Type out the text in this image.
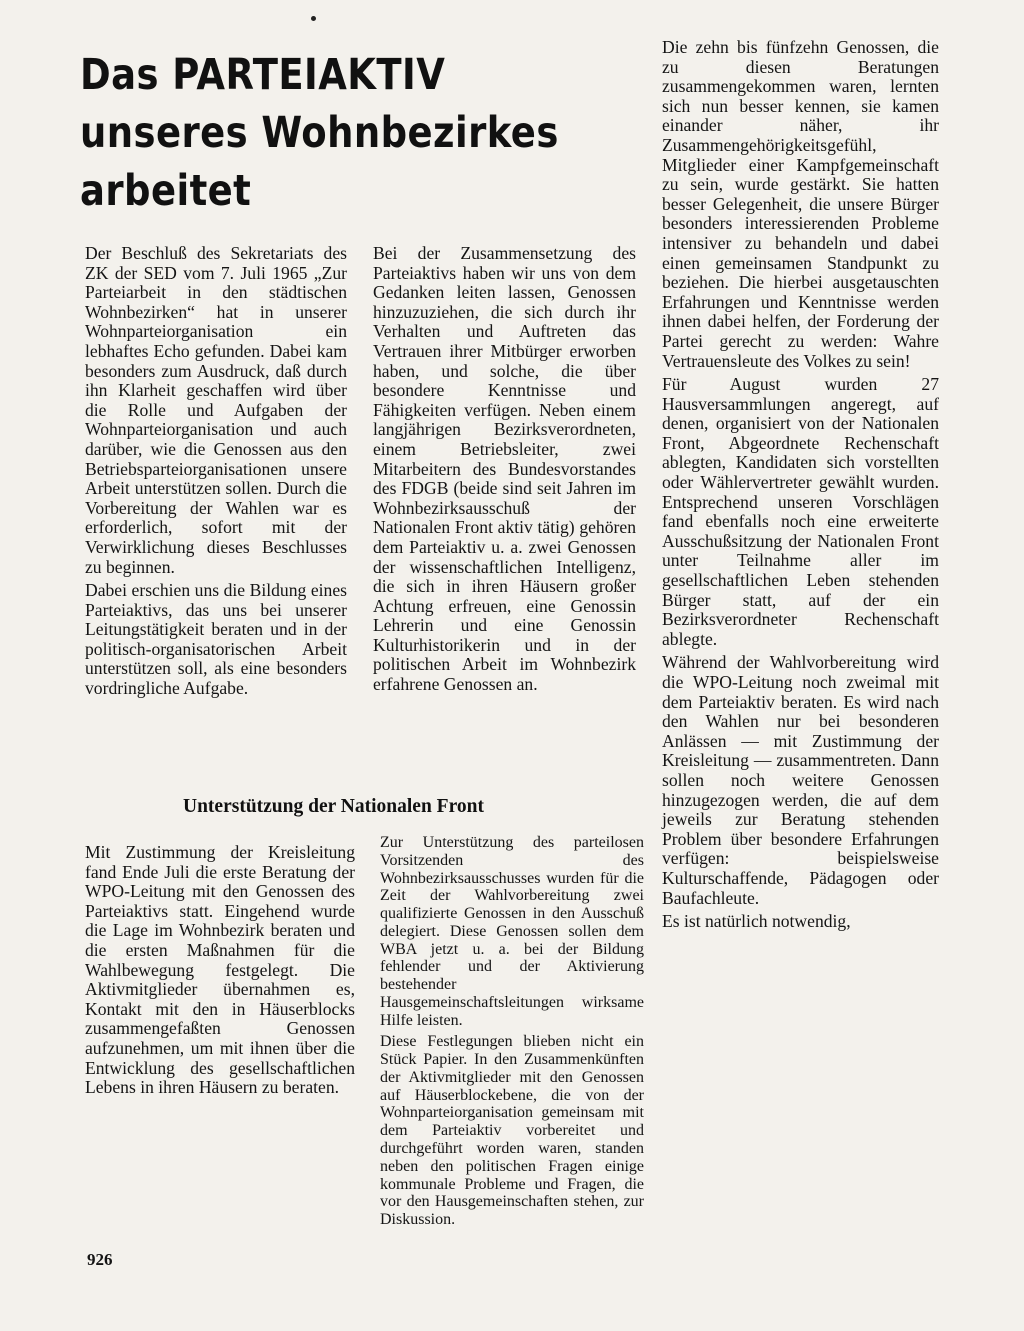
Das PARTEIAKTIV
unseres Wohnbezirkes
arbeitet

Der Beschluß des Sekretariats des ZK der SED vom 7. Juli 1965 „Zur Parteiarbeit in den städtischen Wohnbezirken“ hat in unserer Wohnparteiorganisation ein lebhaftes Echo gefunden. Dabei kam besonders zum Ausdruck, daß durch ihn Klarheit geschaffen wird über die Rolle und Aufgaben der Wohnparteiorganisation und auch darüber, wie die Genossen aus den Betriebsparteiorganisationen unsere Arbeit unterstützen sollen. Durch die Vorbereitung der Wahlen war es erforderlich, sofort mit der Verwirklichung dieses Beschlusses zu beginnen.

Dabei erschien uns die Bildung eines Parteiaktivs, das uns bei unserer Leitungstätigkeit beraten und in der politisch-organisatorischen Arbeit unterstützen soll, als eine besonders vordringliche Aufgabe.

Bei der Zusammensetzung des Parteiaktivs haben wir uns von dem Gedanken leiten lassen, Genossen hinzuzuziehen, die sich durch ihr Verhalten und Auftreten das Vertrauen ihrer Mitbürger erworben haben, und solche, die über besondere Kenntnisse und Fähigkeiten verfügen. Neben einem langjährigen Bezirksverordneten, einem Betriebsleiter, zwei Mitarbeitern des Bundesvorstandes des FDGB (beide sind seit Jahren im Wohnbezirksausschuß der Nationalen Front aktiv tätig) gehören dem Parteiaktiv u. a. zwei Genossen der wissenschaftlichen Intelligenz, die sich in ihren Häusern großer Achtung erfreuen, eine Genossin Lehrerin und eine Genossin Kulturhistorikerin und in der politischen Arbeit im Wohnbezirk erfahrene Genossen an.

Unterstützung der Nationalen Front

Mit Zustimmung der Kreisleitung fand Ende Juli die erste Beratung der WPO-Leitung mit den Genossen des Parteiaktivs statt. Eingehend wurde die Lage im Wohnbezirk beraten und die ersten Maßnahmen für die Wahlbewegung festgelegt. Die Aktivmitglieder übernahmen es, Kontakt mit den in Häuserblocks zusammengefaßten Genossen aufzunehmen, um mit ihnen über die Entwicklung des gesellschaftlichen Lebens in ihren Häusern zu beraten.

Zur Unterstützung des parteilosen Vorsitzenden des Wohnbezirksausschusses wurden für die Zeit der Wahlvorbereitung zwei qualifizierte Genossen in den Ausschuß delegiert. Diese Genossen sollen dem WBA jetzt u. a. bei der Bildung fehlender und der Aktivierung bestehender Hausgemeinschaftsleitungen wirksame Hilfe leisten.

Diese Festlegungen blieben nicht ein Stück Papier. In den Zusammenkünften der Aktivmitglieder mit den Genossen auf Häuserblockebene, die von der Wohnparteiorganisation gemeinsam mit dem Parteiaktiv vorbereitet und durchgeführt worden waren, standen neben den politischen Fragen einige kommunale Probleme und Fragen, die vor den Hausgemeinschaften stehen, zur Diskussion.

Die zehn bis fünfzehn Genossen, die zu diesen Beratungen zusammengekommen waren, lernten sich nun besser kennen, sie kamen einander näher, ihr Zusammengehörigkeitsgefühl, Mitglieder einer Kampfgemeinschaft zu sein, wurde gestärkt. Sie hatten besser Gelegenheit, die unsere Bürger besonders interessierenden Probleme intensiver zu behandeln und dabei einen gemeinsamen Standpunkt zu beziehen. Die hierbei ausgetauschten Erfahrungen und Kenntnisse werden ihnen dabei helfen, der Forderung der Partei gerecht zu werden: Wahre Vertrauensleute des Volkes zu sein!

Für August wurden 27 Hausversammlungen angeregt, auf denen, organisiert von der Nationalen Front, Abgeordnete Rechenschaft ablegten, Kandidaten sich vorstellten oder Wählervertreter gewählt wurden. Entsprechend unseren Vorschlägen fand ebenfalls noch eine erweiterte Ausschußsitzung der Nationalen Front unter Teilnahme aller im gesellschaftlichen Leben stehenden Bürger statt, auf der ein Bezirksverordneter Rechenschaft ablegte.

Während der Wahlvorbereitung wird die WPO-Leitung noch zweimal mit dem Parteiaktiv beraten. Es wird nach den Wahlen nur bei besonderen Anlässen — mit Zustimmung der Kreisleitung — zusammentreten. Dann sollen noch weitere Genossen hinzugezogen werden, die auf dem jeweils zur Beratung stehenden Problem über besondere Erfahrungen verfügen: beispielsweise Kulturschaffende, Pädagogen oder Baufachleute.

Es ist natürlich notwendig,

926
